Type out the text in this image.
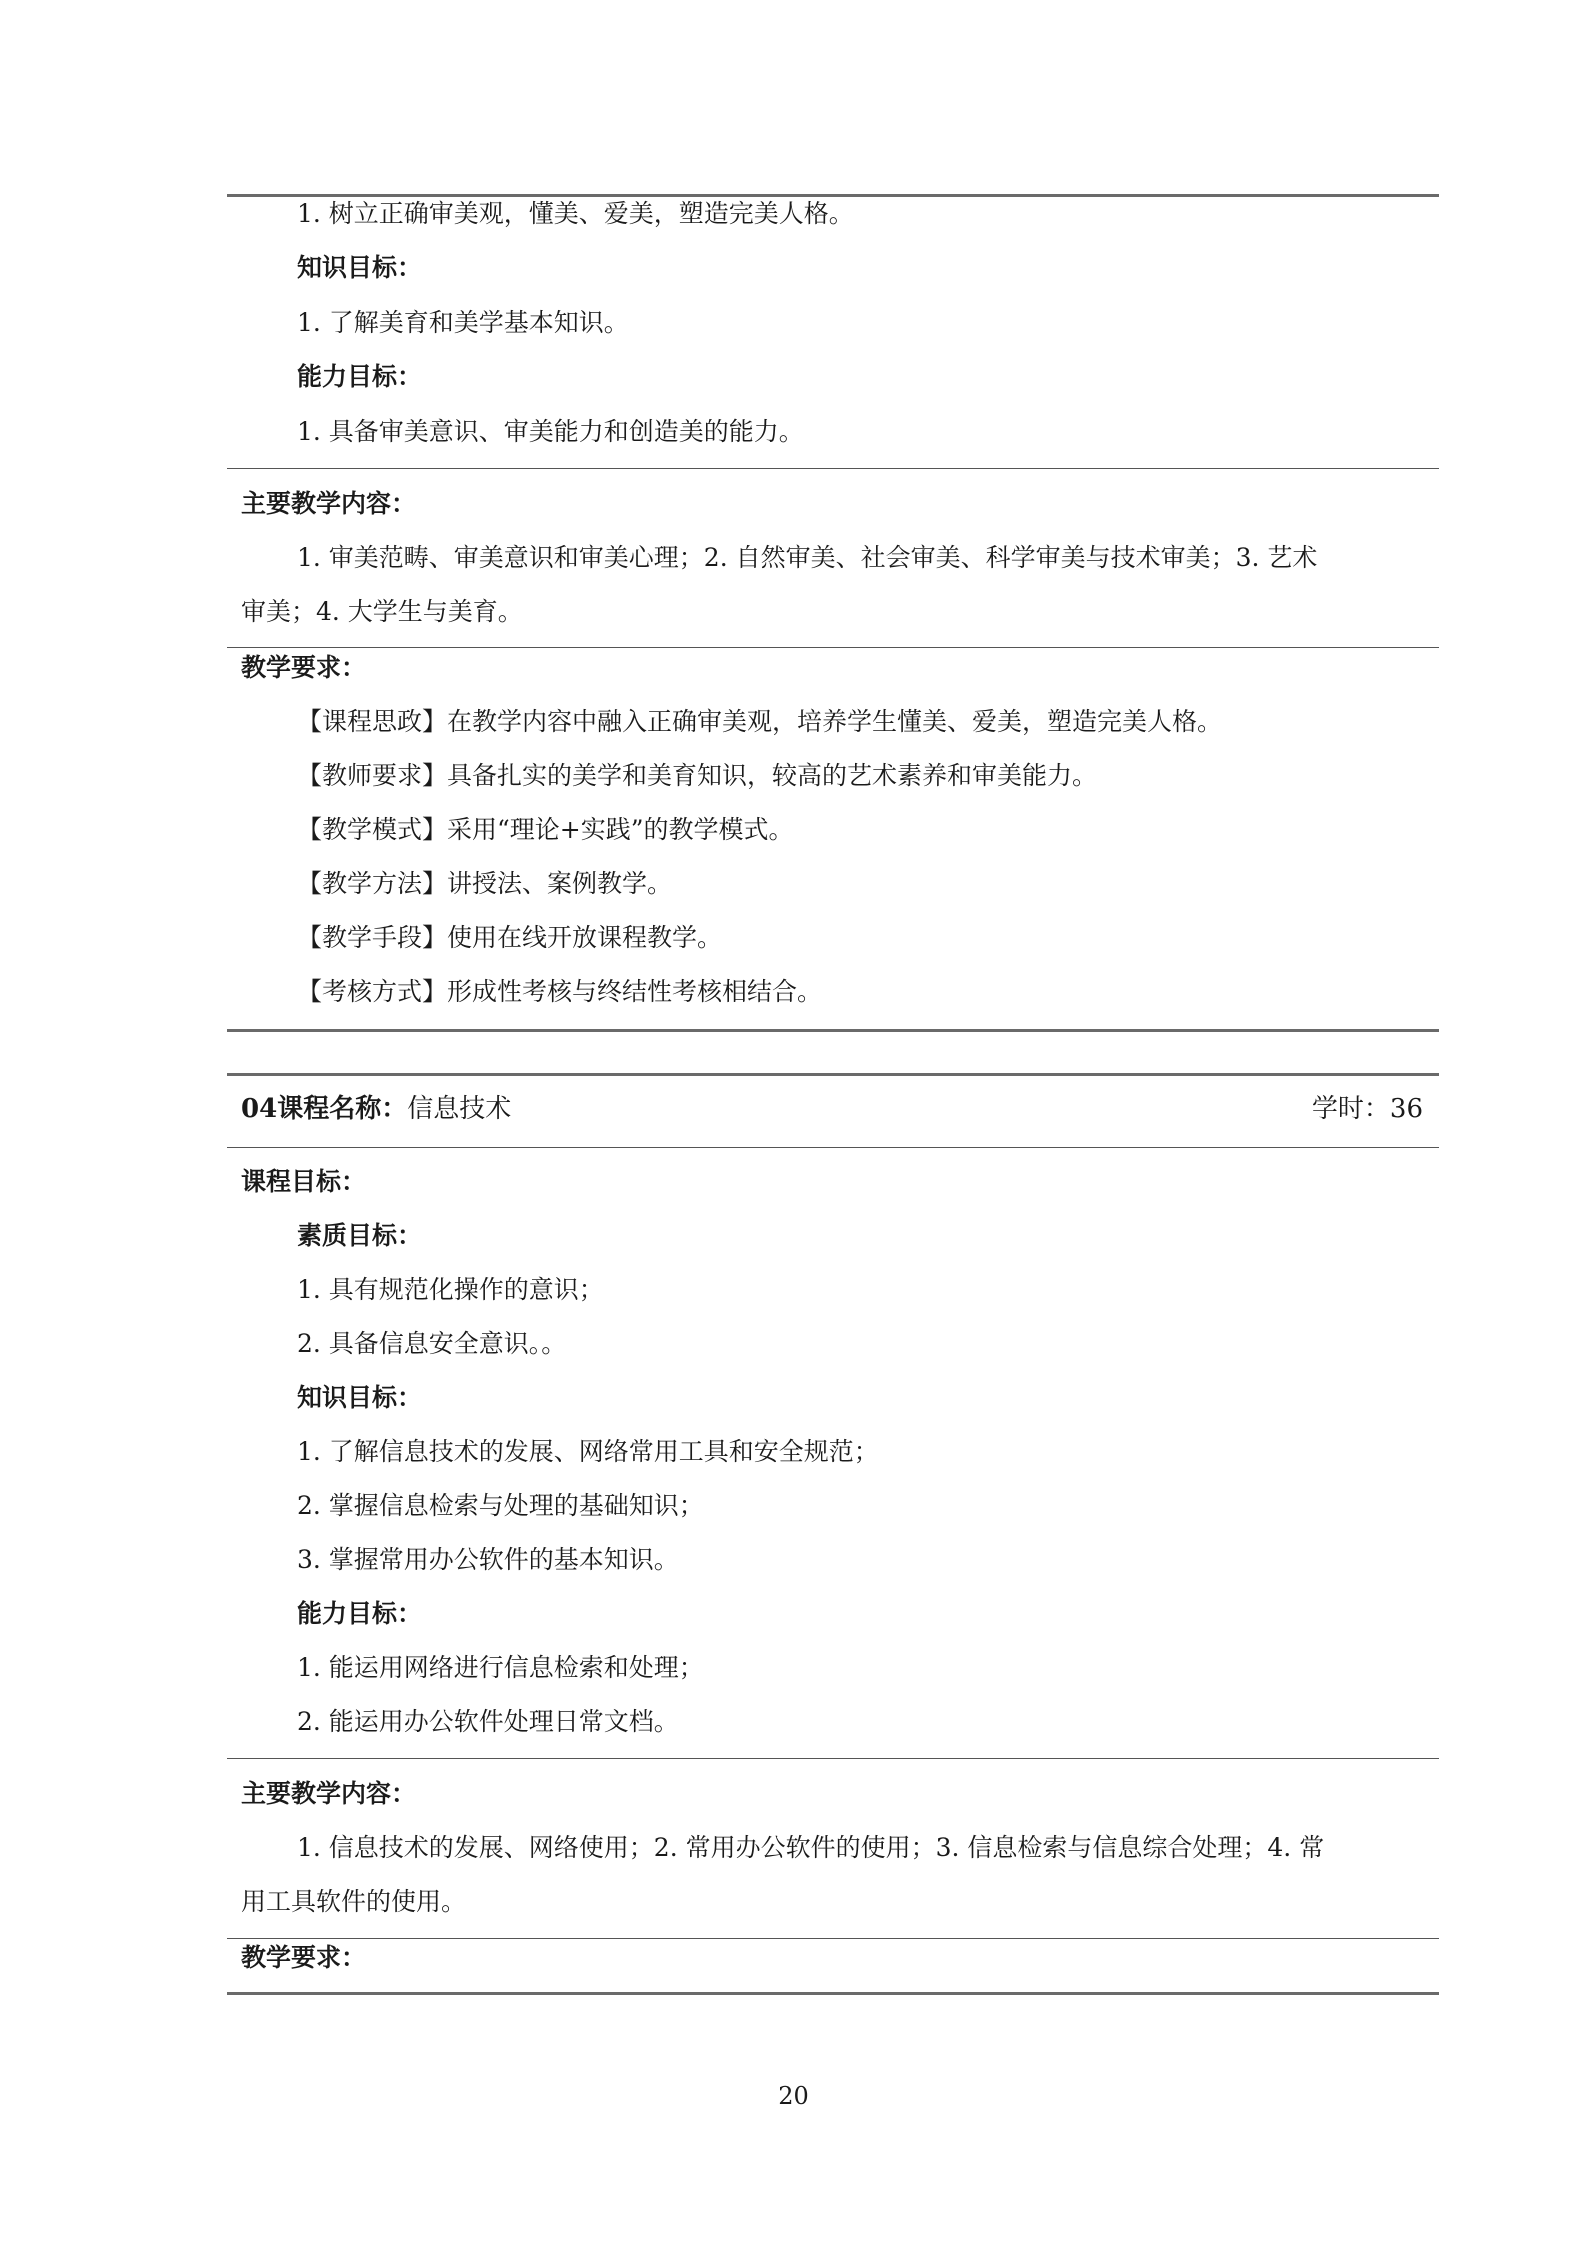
1. 树立正确审美观，懂美、爱美，塑造完美人格。
知识目标：
1. 了解美育和美学基本知识。
能力目标：
1. 具备审美意识、审美能力和创造美的能力。
主要教学内容：
1. 审美范畴、审美意识和审美心理；2. 自然审美、社会审美、科学审美与技术审美；3. 艺术
审美；4. 大学生与美育。
教学要求：
【课程思政】在教学内容中融入正确审美观，培养学生懂美、爱美，塑造完美人格。
【教师要求】具备扎实的美学和美育知识，较高的艺术素养和审美能力。
【教学模式】采用“理论+实践”的教学模式。
【教学方法】讲授法、案例教学。
【教学手段】使用在线开放课程教学。
【考核方式】形成性考核与终结性考核相结合。
04课程名称：信息技术	学时：36
课程目标：
素质目标：
1. 具有规范化操作的意识；
2. 具备信息安全意识。。
知识目标：
1. 了解信息技术的发展、网络常用工具和安全规范；
2. 掌握信息检索与处理的基础知识；
3. 掌握常用办公软件的基本知识。
能力目标：
1. 能运用网络进行信息检索和处理；
2. 能运用办公软件处理日常文档。
主要教学内容：
1. 信息技术的发展、网络使用；2. 常用办公软件的使用；3. 信息检索与信息综合处理；4. 常
用工具软件的使用。
教学要求：
20
